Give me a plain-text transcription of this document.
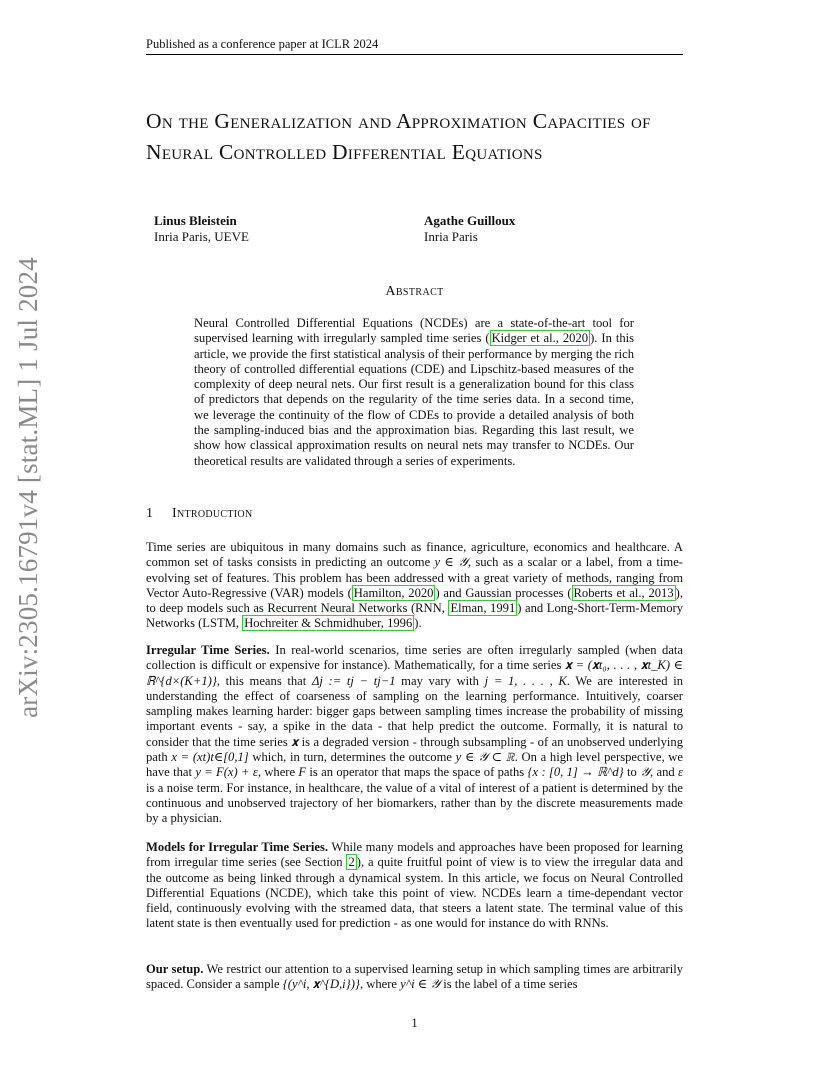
arXiv:2305.16791v4 [stat.ML] 1 Jul 2024
Published as a conference paper at ICLR 2024
On the Generalization and Approximation Capacities of Neural Controlled Differential Equations
Linus Bleistein
Inria Paris, UEVE
Agathe Guilloux
Inria Paris
Abstract

Neural Controlled Differential Equations (NCDEs) are a state-of-the-art tool for supervised learning with irregularly sampled time series ( Kidger et al., 2020 ). In this article, we provide the first statistical analysis of their performance by merging the rich theory of controlled differential equations (CDE) and Lipschitz-based measures of the complexity of deep neural nets. Our first result is a generalization bound for this class of predictors that depends on the regularity of the time series data. In a second time, we leverage the continuity of the flow of CDEs to provide a detailed analysis of both the sampling-induced bias and the approximation bias. Regarding this last result, we show how classical approximation results on neural nets may transfer to NCDEs. Our theoretical results are validated through a series of experiments.

1 Introduction

Time series are ubiquitous in many domains such as finance, agriculture, economics and healthcare. A common set of tasks consists in predicting an outcome y ∈ 𝒴, such as a scalar or a label, from a time-evolving set of features. This problem has been addressed with a great variety of methods, ranging from Vector Auto-Regressive (VAR) models ( Hamilton, 2020 ) and Gaussian processes ( Roberts et al., 2013 ), to deep models such as Recurrent Neural Networks (RNN, Elman, 1991 ) and Long-Short-Term-Memory Networks (LSTM, Hochreiter & Schmidhuber, 1996 ).

Irregular Time Series. In real-world scenarios, time series are often irregularly sampled (when data collection is difficult or expensive for instance). Mathematically, for a time series 𝐱 = (𝐱t₀, . . . , 𝐱t_K) ∈ ℝ^{d×(K+1)}, this means that Δj := tj − tj−1 may vary with j = 1, . . . , K. We are interested in understanding the effect of coarseness of sampling on the learning performance. Intuitively, coarser sampling makes learning harder: bigger gaps between sampling times increase the probability of missing important events - say, a spike in the data - that help predict the outcome. Formally, it is natural to consider that the time series 𝐱 is a degraded version - through subsampling - of an unobserved underlying path x = (xt)t∈[0,1] which, in turn, determines the outcome y ∈ 𝒴 ⊂ ℝ. On a high level perspective, we have that y = F(x) + ε, where F is an operator that maps the space of paths {x : [0, 1] → ℝ^d} to 𝒴, and ε is a noise term. For instance, in healthcare, the value of a vital of interest of a patient is determined by the continuous and unobserved trajectory of her biomarkers, rather than by the discrete measurements made by a physician.

Models for Irregular Time Series. While many models and approaches have been proposed for learning from irregular time series (see Section 2 ), a quite fruitful point of view is to view the irregular data and the outcome as being linked through a dynamical system. In this article, we focus on Neural Controlled Differential Equations (NCDE), which take this point of view. NCDEs learn a time-dependant vector field, continuously evolving with the streamed data, that steers a latent state. The terminal value of this latent state is then eventually used for prediction - as one would for instance do with RNNs.

Our setup. We restrict our attention to a supervised learning setup in which sampling times are arbitrarily spaced. Consider a sample {(y^i, 𝐱^{D,i})}, where y^i ∈ 𝒴 is the label of a time series

1
